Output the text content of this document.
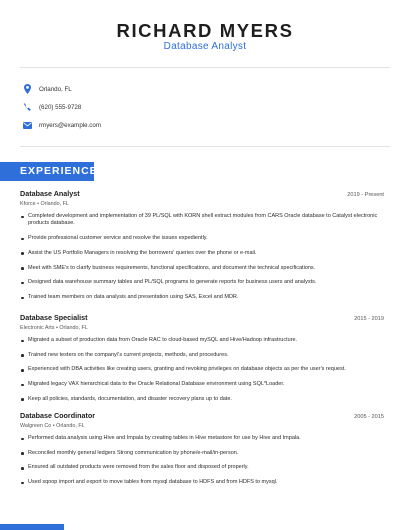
RICHARD MYERS
Database Analyst
Orlando, FL
(620) 555-9728
rmyers@example.com
EXPERIENCE
Database Analyst	2019 - Present
Kforce • Orlando, FL
Completed development and implementation of 39 PL/SQL with KORN shell extract modules from CARS Oracle database to Catalyst electronic products database.
Provide professional customer service and resolve the issues expediently.
Assist the US Portfolio Managers in resolving the borrowers' queries over the phone or e-mail.
Meet with SME's to clarify business requirements, functional specifications, and document the technical specifications.
Designed data warehouse summary tables and PL/SQL programs to generate reports for business users and analysts.
Trained team members on data analysis and presentation using SAS, Excel and MDR.
Database Specialist	2015 - 2019
Electronic Arts • Orlando, FL
Migrated a subset of production data from Oracle RAC to cloud-based mySQL and Hive/Hadoop infrastructure.
Trained new testers on the company\'s current projects, methods, and procedures.
Experienced with DBA activities like creating users, granting and revoking privileges on database objects as per the user's request.
Migrated legacy VAX hierarchical data to the Oracle Relational Database environment using SQL*Loader.
Keep all policies, standards, documentation, and disaster recovery plans up to date.
Database Coordinator	2005 - 2015
Walgreen Co • Orlando, FL
Performed data analysis using Hive and Impala by creating tables in Hive metastore for use by Hive and Impala.
Reconciled monthly general ledgers Strong communication by phone/e-mail/in-person.
Ensured all outdated products were removed from the sales floor and disposed of properly.
Used sqoop import and export to move tables from mysql database to HDFS and from HDFS to mysql.
